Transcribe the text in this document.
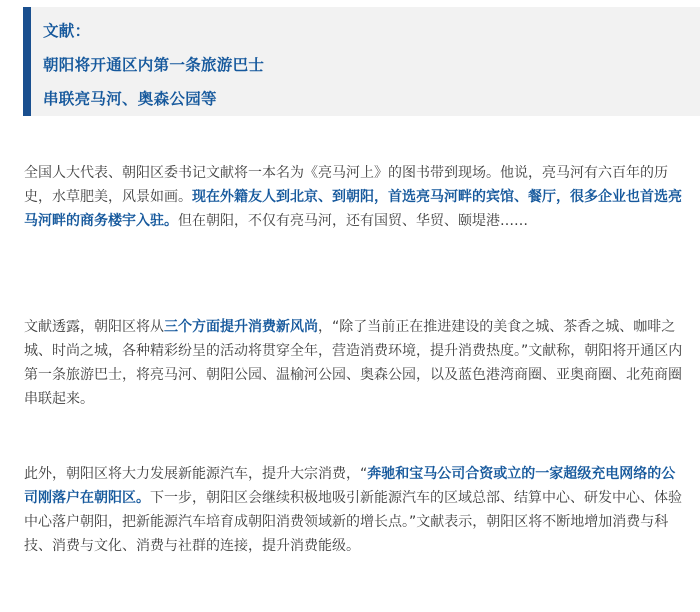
文献：
朝阳将开通区内第一条旅游巴士
串联亮马河、奥森公园等

全国人大代表、朝阳区委书记文献将一本名为《亮马河上》的图书带到现场。他说，亮马河有六百年的历史，水草肥美，风景如画。现在外籍友人到北京、到朝阳，首选亮马河畔的宾馆、餐厅，很多企业也首选亮马河畔的商务楼宇入驻。但在朝阳，不仅有亮马河，还有国贸、华贸、颐堤港……

文献透露，朝阳区将从三个方面提升消费新风尚，“除了当前正在推进建设的美食之城、茶香之城、咖啡之城、时尚之城，各种精彩纷呈的活动将贯穿全年，营造消费环境，提升消费热度。”文献称，朝阳将开通区内第一条旅游巴士，将亮马河、朝阳公园、温榆河公园、奥森公园，以及蓝色港湾商圈、亚奥商圈、北苑商圈串联起来。

此外，朝阳区将大力发展新能源汽车，提升大宗消费，“奔驰和宝马公司合资或立的一家超级充电网络的公司刚落户在朝阳区。下一步，朝阳区会继续积极地吸引新能源汽车的区域总部、结算中心、研发中心、体验中心落户朝阳，把新能源汽车培育成朝阳消费领域新的增长点。”文献表示，朝阳区将不断地增加消费与科技、消费与文化、消费与社群的连接，提升消费能级。
